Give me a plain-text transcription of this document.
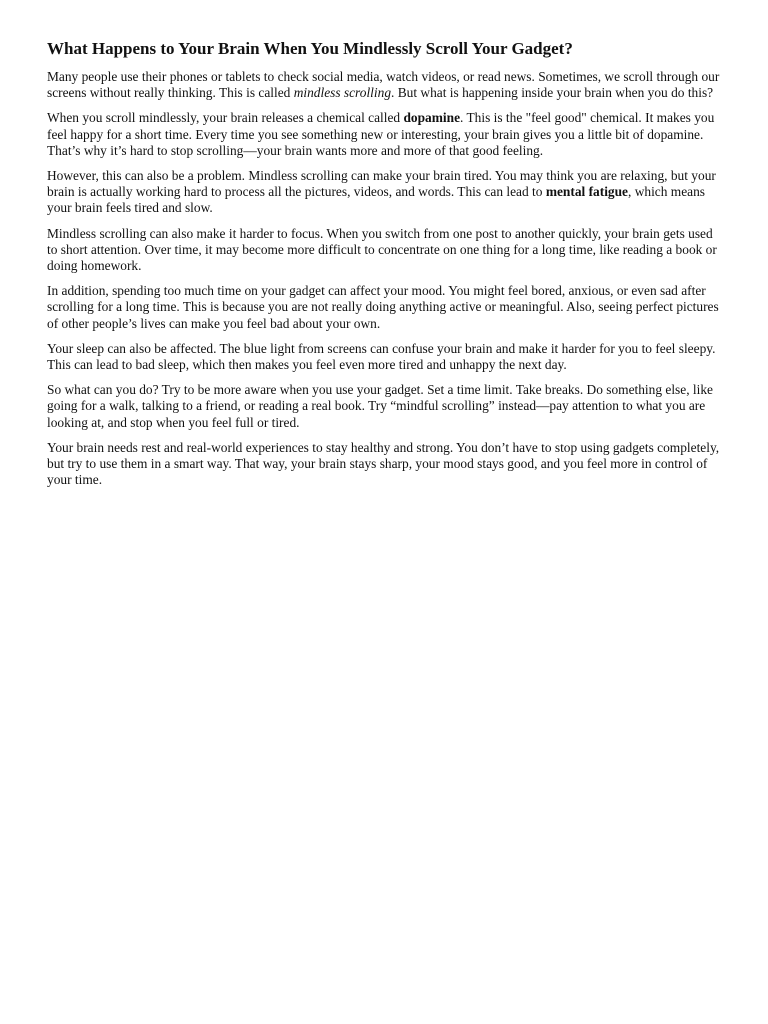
What Happens to Your Brain When You Mindlessly Scroll Your Gadget?

Many people use their phones or tablets to check social media, watch videos, or read news. Sometimes, we scroll through our screens without really thinking. This is called mindless scrolling. But what is happening inside your brain when you do this?

When you scroll mindlessly, your brain releases a chemical called dopamine. This is the "feel good" chemical. It makes you feel happy for a short time. Every time you see something new or interesting, your brain gives you a little bit of dopamine. That’s why it’s hard to stop scrolling—your brain wants more and more of that good feeling.

However, this can also be a problem. Mindless scrolling can make your brain tired. You may think you are relaxing, but your brain is actually working hard to process all the pictures, videos, and words. This can lead to mental fatigue, which means your brain feels tired and slow.

Mindless scrolling can also make it harder to focus. When you switch from one post to another quickly, your brain gets used to short attention. Over time, it may become more difficult to concentrate on one thing for a long time, like reading a book or doing homework.

In addition, spending too much time on your gadget can affect your mood. You might feel bored, anxious, or even sad after scrolling for a long time. This is because you are not really doing anything active or meaningful. Also, seeing perfect pictures of other people’s lives can make you feel bad about your own.

Your sleep can also be affected. The blue light from screens can confuse your brain and make it harder for you to feel sleepy. This can lead to bad sleep, which then makes you feel even more tired and unhappy the next day.

So what can you do? Try to be more aware when you use your gadget. Set a time limit. Take breaks. Do something else, like going for a walk, talking to a friend, or reading a real book. Try “mindful scrolling” instead—pay attention to what you are looking at, and stop when you feel full or tired.

Your brain needs rest and real-world experiences to stay healthy and strong. You don’t have to stop using gadgets completely, but try to use them in a smart way. That way, your brain stays sharp, your mood stays good, and you feel more in control of your time.
